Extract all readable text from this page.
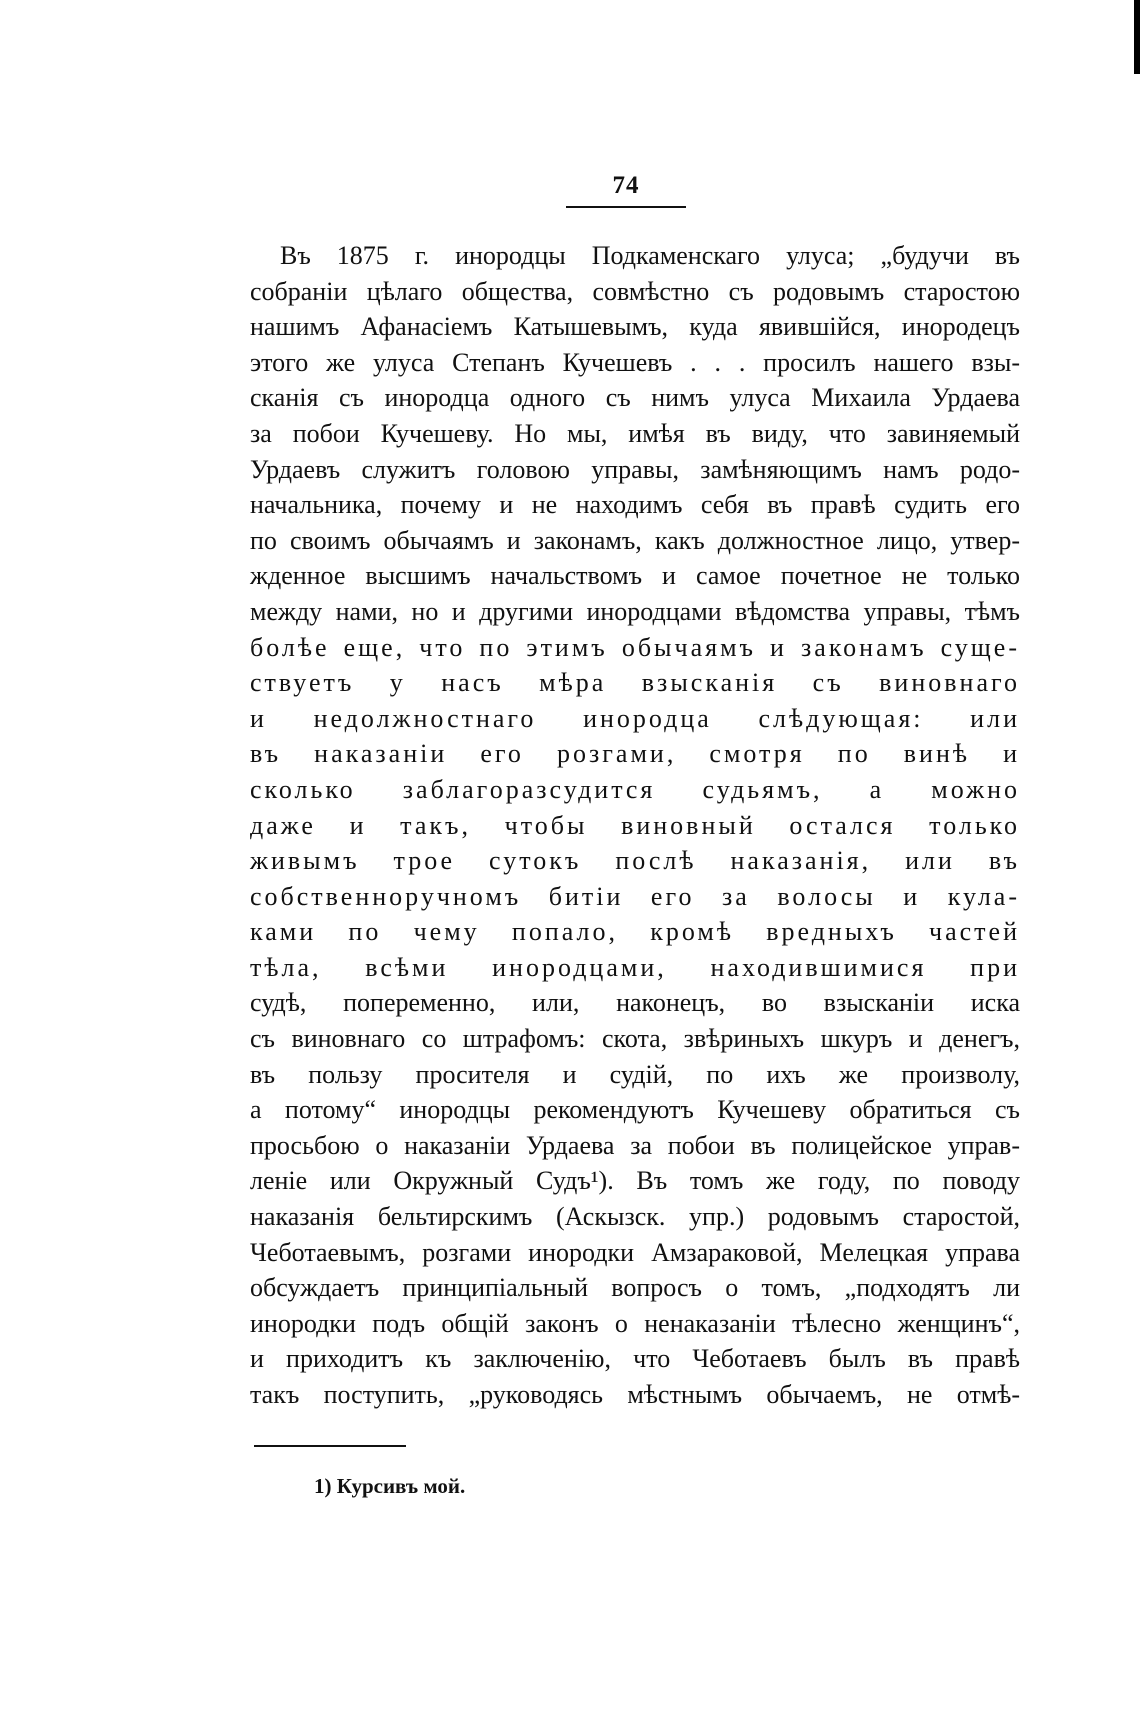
74
Въ 1875 г. инородцы Подкаменскаго улуса; „будучи въ
собраніи цѣлаго общества, совмѣстно съ родовымъ старостою
нашимъ Афанасіемъ Катышевымъ, куда явившійся, инородецъ
этого же улуса Степанъ Кучешевъ . . . просилъ нашего взы-
сканія съ инородца одного съ нимъ улуса Михаила Урдаева
за побои Кучешеву. Но мы, имѣя въ виду, что завиняемый
Урдаевъ служитъ головою управы, замѣняющимъ намъ родо-
начальника, почему и не находимъ себя въ правѣ судить его
по своимъ обычаямъ и законамъ, какъ должностное лицо, утвер-
жденное высшимъ начальствомъ и самое почетное не только
между нами, но и другими инородцами вѣдомства управы, тѣмъ
болѣе еще, что по этимъ обычаямъ и законамъ суще-
ствуетъ у насъ мѣра взысканія съ виновнаго
и недолжностнаго инородца слѣдующая: или
въ наказаніи его розгами, смотря по винѣ и
сколько заблагоразсудится судьямъ, а можно
даже и такъ, чтобы виновный остался только
живымъ трое сутокъ послѣ наказанія, или въ
собственноручномъ битіи его за волосы и кула-
ками по чему попало, кромѣ вредныхъ частей
тѣла, всѣми инородцами, находившимися при
судѣ, попеременно, или, наконецъ, во взысканіи иска
съ виновнаго со штрафомъ: скота, звѣриныхъ шкуръ и денегъ,
въ пользу просителя и судій, по ихъ же произволу,
а потому“ инородцы рекомендуютъ Кучешеву обратиться съ
просьбою о наказаніи Урдаева за побои въ полицейское управ-
леніе или Окружный Судъ¹). Въ томъ же году, по поводу
наказанія бельтирскимъ (Аскызск. упр.) родовымъ старостой,
Чеботаевымъ, розгами инородки Амзараковой, Мелецкая управа
обсуждаетъ принципіальный вопросъ о томъ, „подходятъ ли
инородки подъ общій законъ о ненаказаніи тѣлесно женщинъ“,
и приходитъ къ заключенію, что Чеботаевъ былъ въ правѣ
такъ поступить, „руководясь мѣстнымъ обычаемъ, не отмѣ-
1) Курсивъ мой.
